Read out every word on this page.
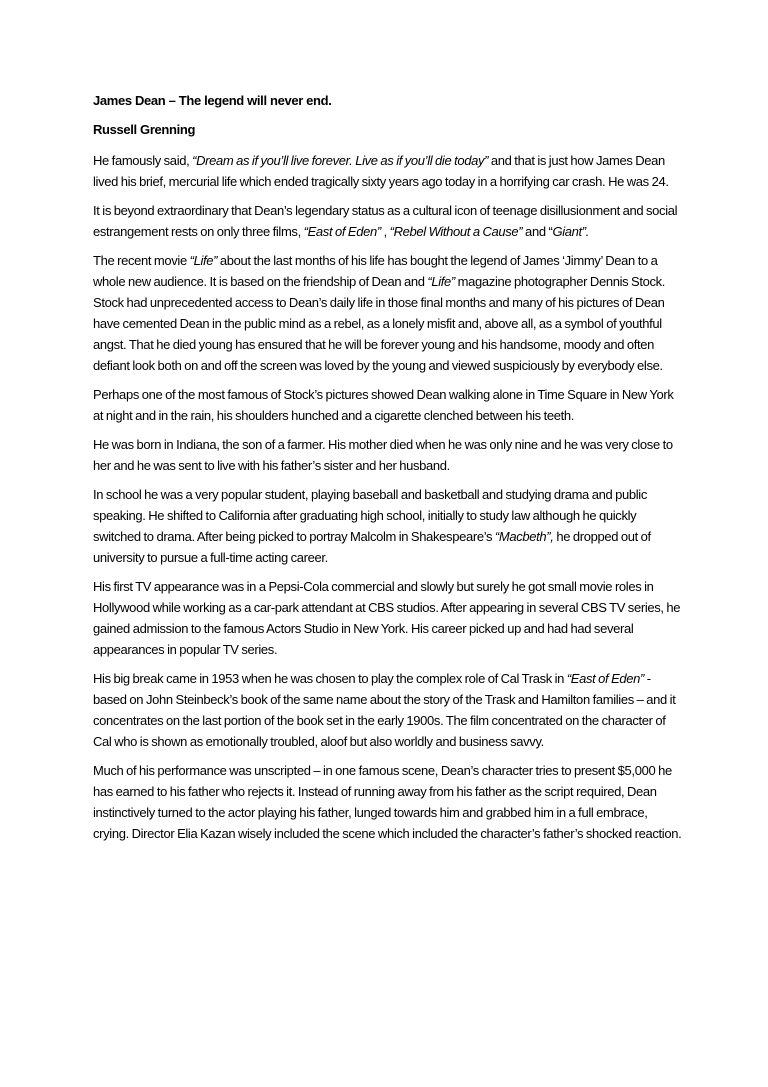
James Dean – The legend will never end.

Russell Grenning

He famously said, “Dream as if you’ll live forever. Live as if you’ll die today” and that is just how James Dean lived his brief, mercurial life which ended tragically sixty years ago today in a horrifying car crash. He was 24.

It is beyond extraordinary that Dean’s legendary status as a cultural icon of teenage disillusionment and social estrangement rests on only three films, “East of Eden” , “Rebel Without a Cause” and “Giant”.

The recent movie “Life” about the last months of his life has bought the legend of James ‘Jimmy’ Dean to a whole new audience. It is based on the friendship of Dean and “Life” magazine photographer Dennis Stock. Stock had unprecedented access to Dean’s daily life in those final months and many of his pictures of Dean have cemented Dean in the public mind as a rebel, as a lonely misfit and, above all, as a symbol of youthful angst. That he died young has ensured that he will be forever young and his handsome, moody and often defiant look both on and off the screen was loved by the young and viewed suspiciously by everybody else.

Perhaps one of the most famous of Stock’s pictures showed Dean walking alone in Time Square in New York at night and in the rain, his shoulders hunched and a cigarette clenched between his teeth.

He was born in Indiana, the son of a farmer. His mother died when he was only nine and he was very close to her and he was sent to live with his father’s sister and her husband.

In school he was a very popular student, playing baseball and basketball and studying drama and public speaking. He shifted to California after graduating high school, initially to study law although he quickly switched to drama. After being picked to portray Malcolm in Shakespeare’s “Macbeth”, he dropped out of university to pursue a full-time acting career.

His first TV appearance was in a Pepsi-Cola commercial and slowly but surely he got small movie roles in Hollywood while working as a car-park attendant at CBS studios. After appearing in several CBS TV series, he gained admission to the famous Actors Studio in New York. His career picked up and had had several appearances in popular TV series.

His big break came in 1953 when he was chosen to play the complex role of Cal Trask in “East of Eden” - based on John Steinbeck’s book of the same name about the story of the Trask and Hamilton families – and it concentrates on the last portion of the book set in the early 1900s. The film concentrated on the character of Cal who is shown as emotionally troubled, aloof but also worldly and business savvy.

Much of his performance was unscripted – in one famous scene, Dean’s character tries to present $5,000 he has earned to his father who rejects it. Instead of running away from his father as the script required, Dean instinctively turned to the actor playing his father, lunged towards him and grabbed him in a full embrace, crying. Director Elia Kazan wisely included the scene which included the character’s father’s shocked reaction.
